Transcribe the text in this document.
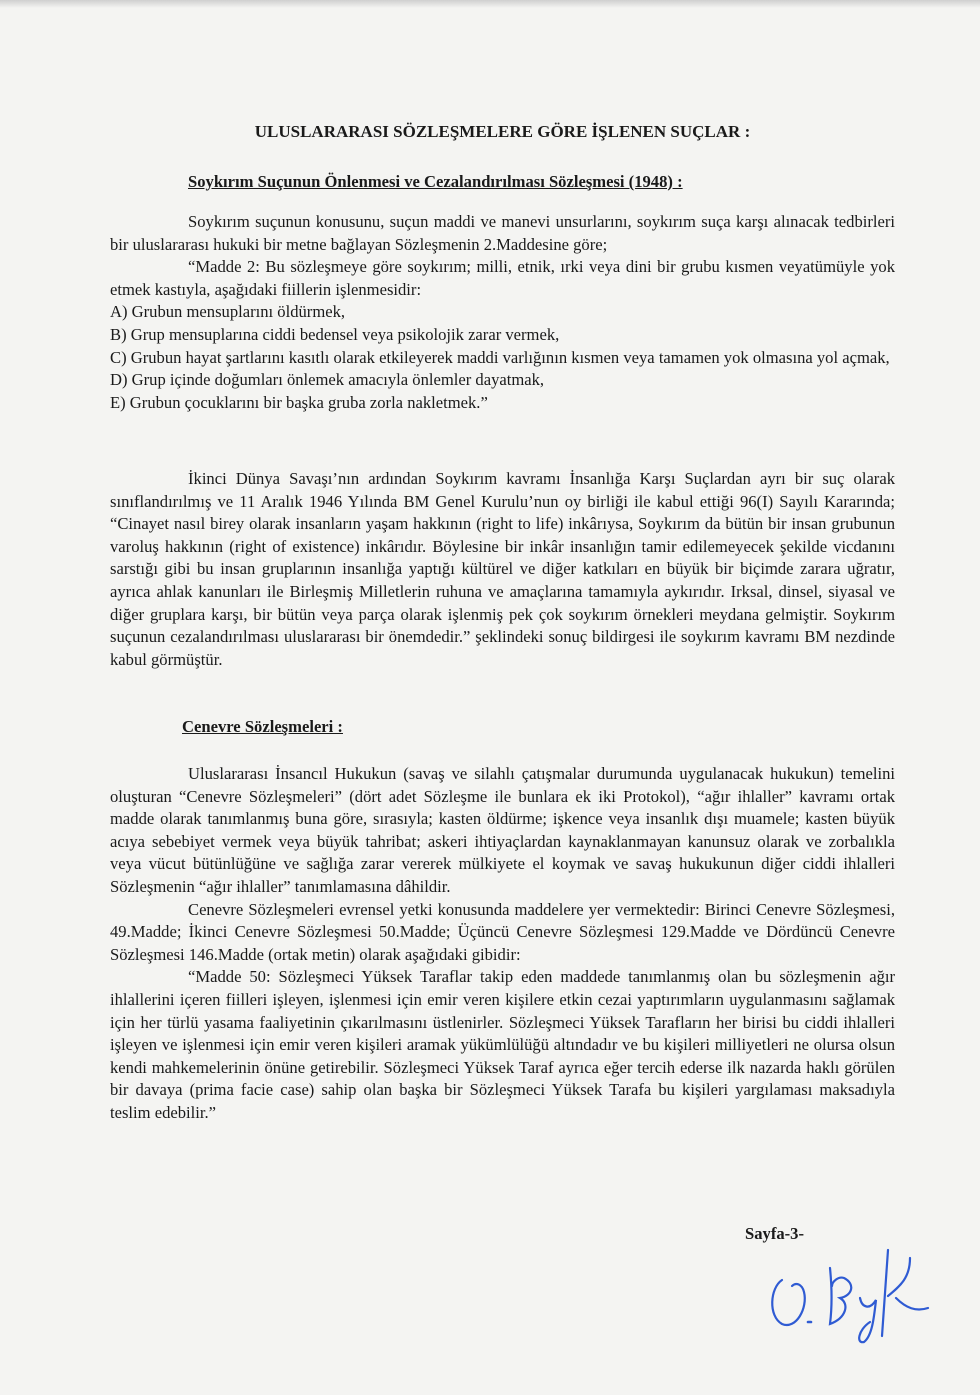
ULUSLARARASI SÖZLEŞMELERE GÖRE İŞLENEN SUÇLAR :
Soykırım Suçunun Önlenmesi ve Cezalandırılması Sözleşmesi (1948) :

Soykırım suçunun konusunu, suçun maddi ve manevi unsurlarını, soykırım suça karşı alınacak tedbirleri bir uluslararası hukuki bir metne bağlayan Sözleşmenin 2.Maddesine göre;

“Madde 2: Bu sözleşmeye göre soykırım; milli, etnik, ırki veya dini bir grubu kısmen veyatümüyle yok etmek kastıyla, aşağıdaki fiillerin işlenmesidir:

A) Grubun mensuplarını öldürmek,

B) Grup mensuplarına ciddi bedensel veya psikolojik zarar vermek,

C) Grubun hayat şartlarını kasıtlı olarak etkileyerek maddi varlığının kısmen veya tamamen yok olmasına yol açmak,

D) Grup içinde doğumları önlemek amacıyla önlemler dayatmak,

E) Grubun çocuklarını bir başka gruba zorla nakletmek.”

İkinci Dünya Savaşı’nın ardından Soykırım kavramı İnsanlığa Karşı Suçlardan ayrı bir suç olarak sınıflandırılmış ve 11 Aralık 1946 Yılında BM Genel Kurulu’nun oy birliği ile kabul ettiği 96(I) Sayılı Kararında; “Cinayet nasıl birey olarak insanların yaşam hakkının (right to life) inkârıysa, Soykırım da bütün bir insan grubunun varoluş hakkının (right of existence) inkârıdır. Böylesine bir inkâr insanlığın tamir edilemeyecek şekilde vicdanını sarstığı gibi bu insan gruplarının insanlığa yaptığı kültürel ve diğer katkıları en büyük bir biçimde zarara uğratır, ayrıca ahlak kanunları ile Birleşmiş Milletlerin ruhuna ve amaçlarına tamamıyla aykırıdır. Irksal, dinsel, siyasal ve diğer gruplara karşı, bir bütün veya parça olarak işlenmiş pek çok soykırım örnekleri meydana gelmiştir. Soykırım suçunun cezalandırılması uluslararası bir önemdedir.” şeklindeki sonuç bildirgesi ile soykırım kavramı BM nezdinde kabul görmüştür.

Cenevre Sözleşmeleri :

Uluslararası İnsancıl Hukukun (savaş ve silahlı çatışmalar durumunda uygulanacak hukukun) temelini oluşturan “Cenevre Sözleşmeleri” (dört adet Sözleşme ile bunlara ek iki Protokol), “ağır ihlaller” kavramı ortak madde olarak tanımlanmış buna göre, sırasıyla; kasten öldürme; işkence veya insanlık dışı muamele; kasten büyük acıya sebebiyet vermek veya büyük tahribat; askeri ihtiyaçlardan kaynaklanmayan kanunsuz olarak ve zorbalıkla veya vücut bütünlüğüne ve sağlığa zarar vererek mülkiyete el koymak ve savaş hukukunun diğer ciddi ihlalleri Sözleşmenin “ağır ihlaller” tanımlamasına dâhildir.

Cenevre Sözleşmeleri evrensel yetki konusunda maddelere yer vermektedir: Birinci Cenevre Sözleşmesi, 49.Madde; İkinci Cenevre Sözleşmesi 50.Madde; Üçüncü Cenevre Sözleşmesi 129.Madde ve Dördüncü Cenevre Sözleşmesi 146.Madde (ortak metin) olarak aşağıdaki gibidir:

“Madde 50: Sözleşmeci Yüksek Taraflar takip eden maddede tanımlanmış olan bu sözleşmenin ağır ihlallerini içeren fiilleri işleyen, işlenmesi için emir veren kişilere etkin cezai yaptırımların uygulanmasını sağlamak için her türlü yasama faaliyetinin çıkarılmasını üstlenirler. Sözleşmeci Yüksek Tarafların her birisi bu ciddi ihlalleri işleyen ve işlenmesi için emir veren kişileri aramak yükümlülüğü altındadır ve bu kişileri milliyetleri ne olursa olsun kendi mahkemelerinin önüne getirebilir. Sözleşmeci Yüksek Taraf ayrıca eğer tercih ederse ilk nazarda haklı görülen bir davaya (prima facie case) sahip olan başka bir Sözleşmeci Yüksek Tarafa bu kişileri yargılaması maksadıyla teslim edebilir.”

Sayfa-3-
